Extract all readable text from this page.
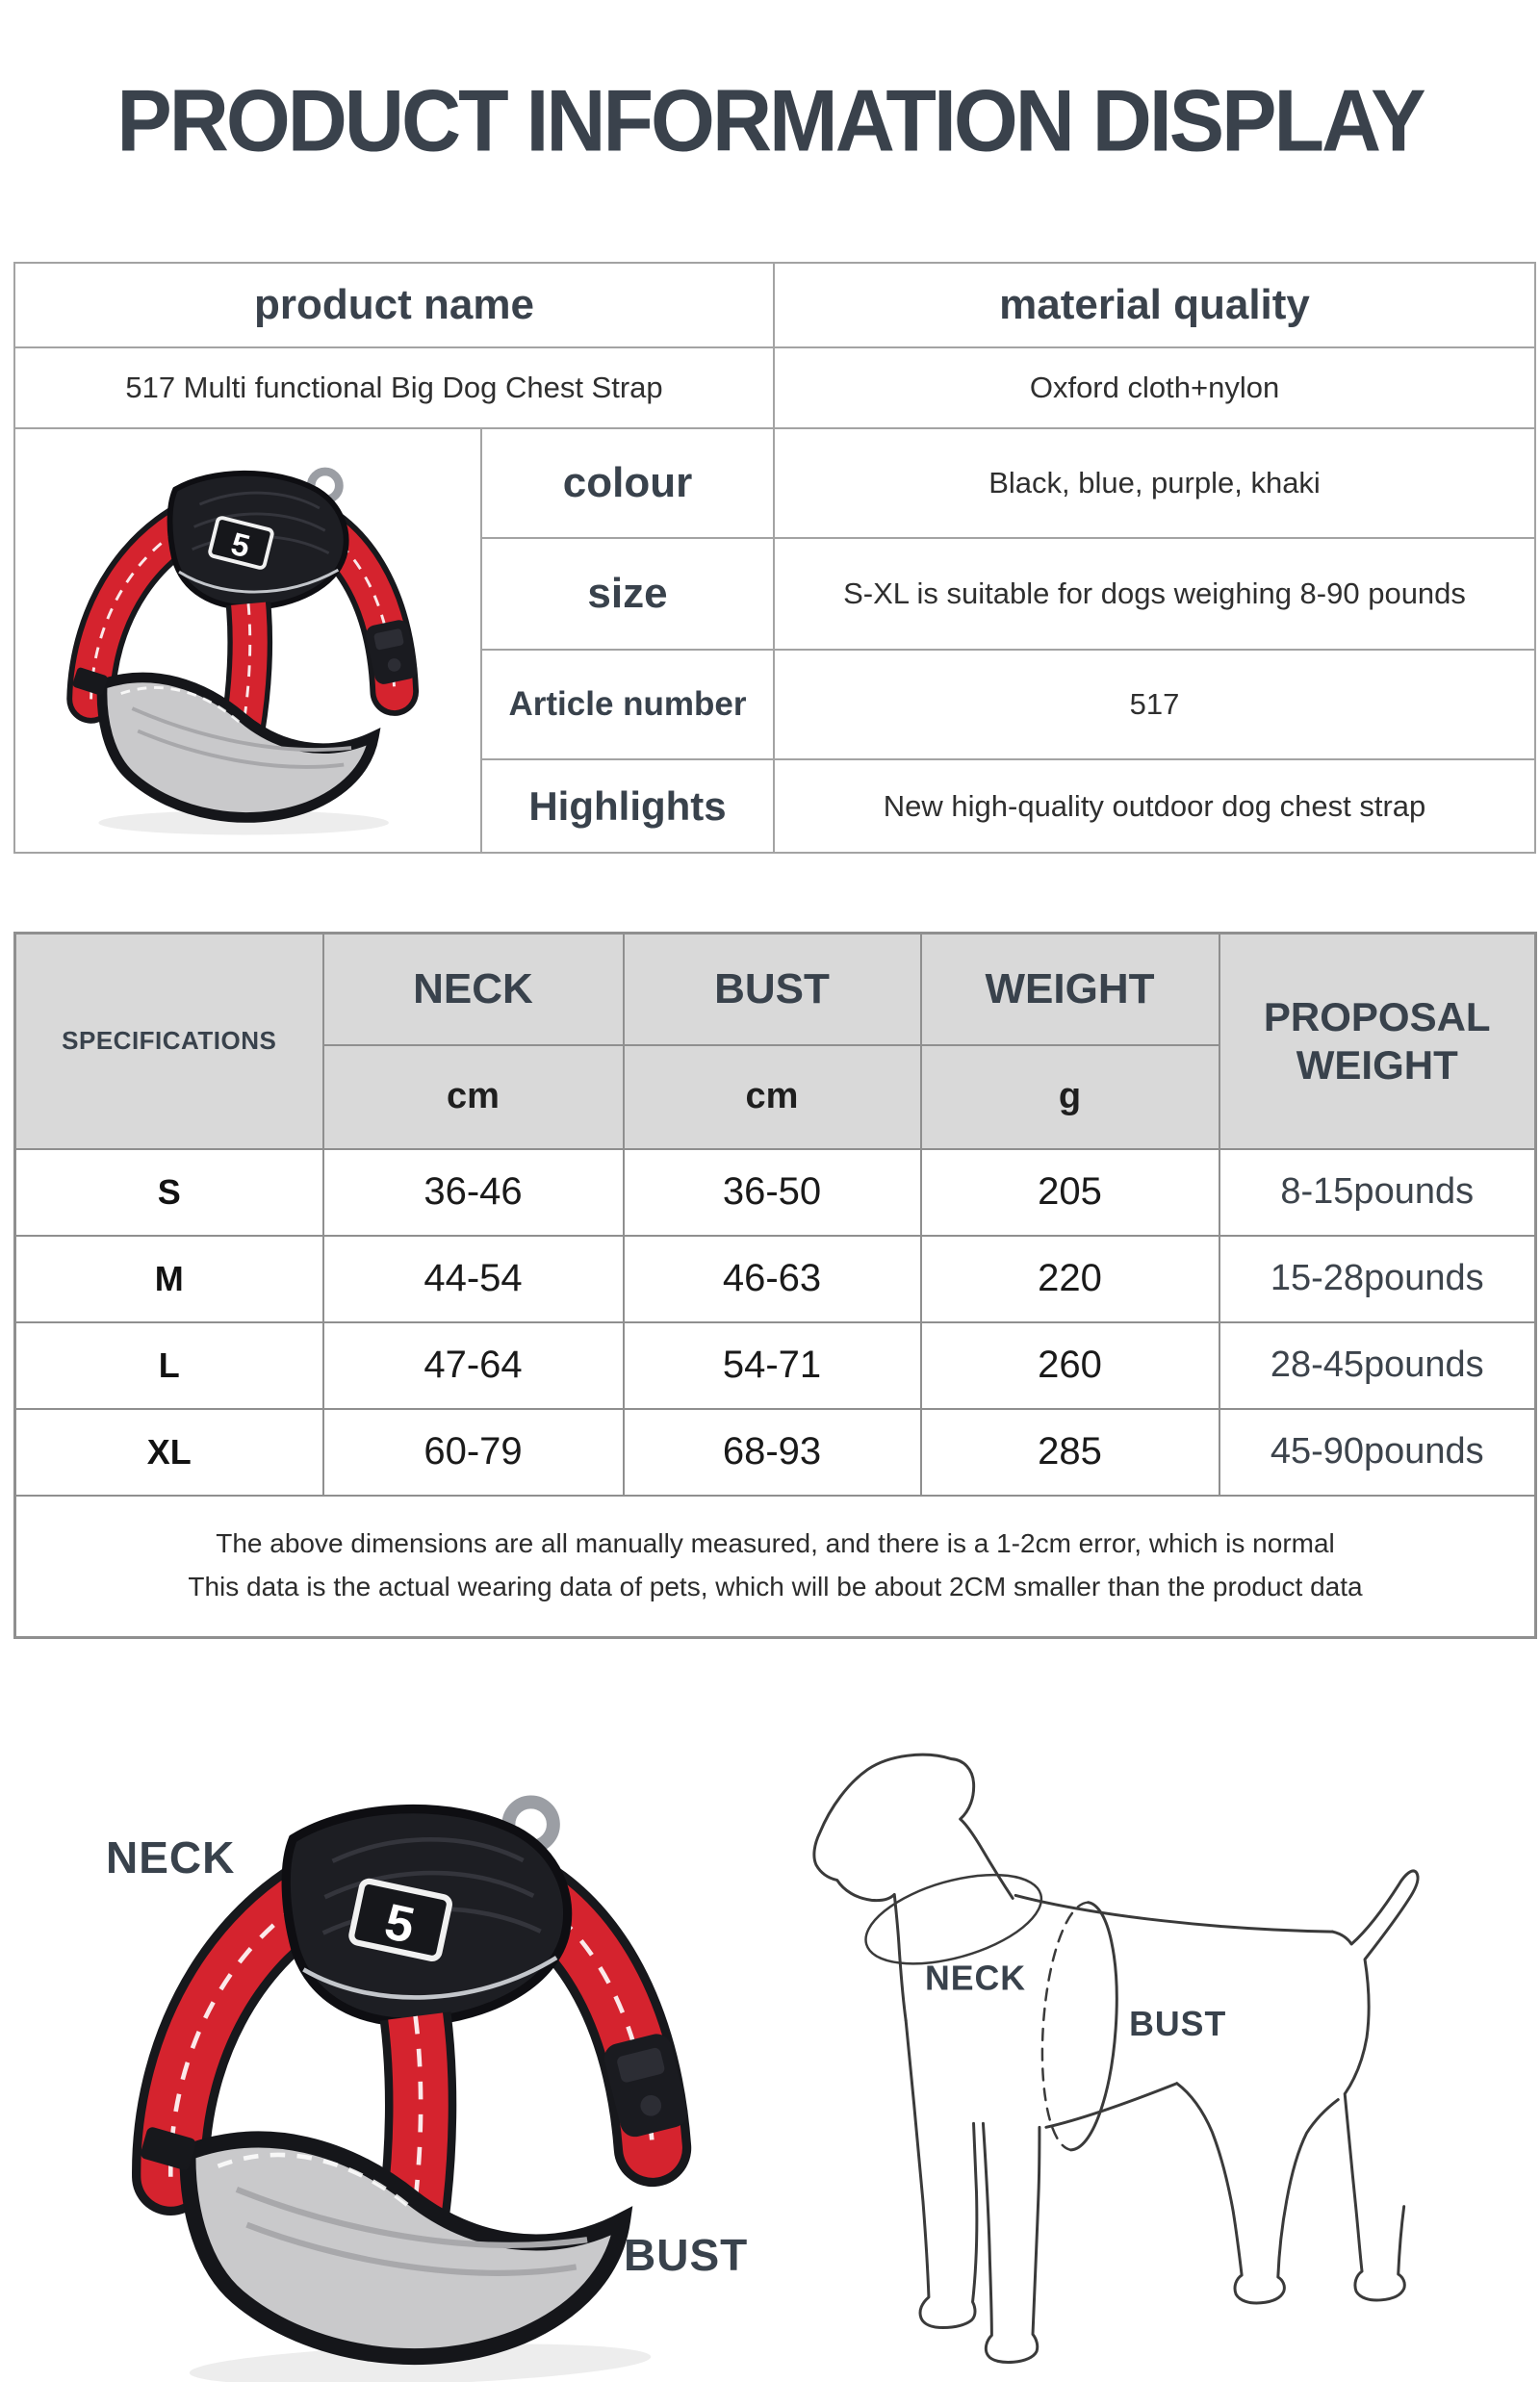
PRODUCT INFORMATION DISPLAY
product name		material quality
517 Multi functional Big Dog Chest Strap		Oxford cloth+nylon

	colour	Black, blue, purple, khaki
	size	S-XL is suitable for dogs weighing 8-90 pounds
	Article number	517
	Highlights	New high-quality outdoor dog chest strap
SPECIFICATIONS	NECK	BUST	WEIGHT	PROPOSAL
WEIGHT

	cm	cm	g	
S	36-46	36-50	205	8-15pounds
M	44-54	46-63	220	15-28pounds
L	47-64	54-71	260	28-45pounds
XL	60-79	68-93	285	45-90pounds

The above dimensions are all manually measured, and there is a 1-2cm error, which is normal
This data is the actual wearing data of pets, which will be about 2CM smaller than the product data				
NECK
BUST
NECK
BUST
